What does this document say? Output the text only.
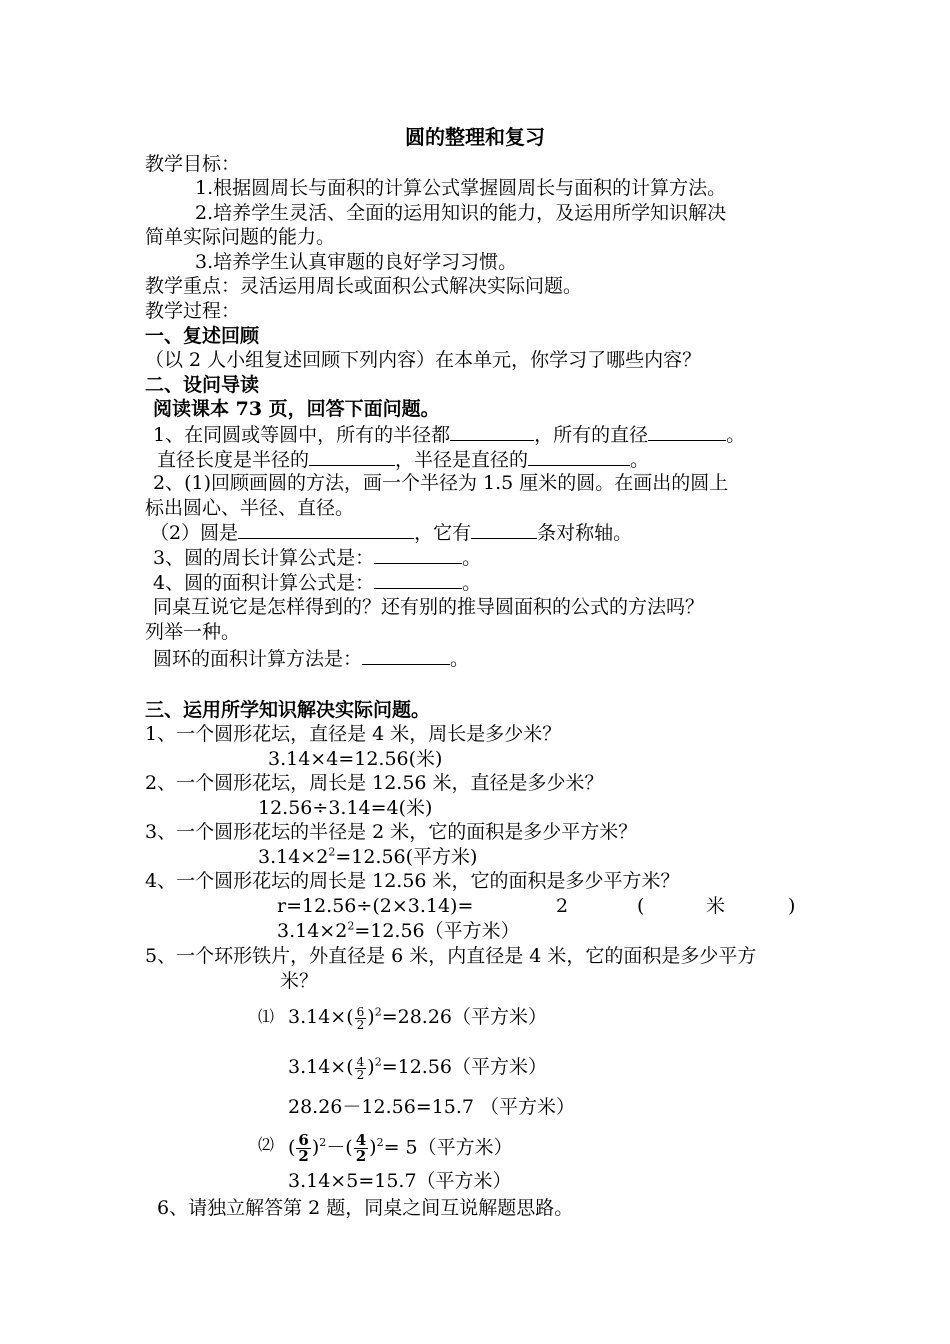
圆的整理和复习
教学目标：
1.根据圆周长与面积的计算公式掌握圆周长与面积的计算方法。
2.培养学生灵活、全面的运用知识的能力，及运用所学知识解决
简单实际问题的能力。
3.培养学生认真审题的良好学习习惯。
教学重点：灵活运用周长或面积公式解决实际问题。
教学过程：
一、复述回顾
（以 2 人小组复述回顾下列内容）在本单元，你学习了哪些内容？
二、设问导读
阅读课本 73 页，回答下面问题。
1、在同圆或等圆中，所有的半径都	，所有的直径	。
直径长度是半径的	，半径是直径的	。
2、(1)回顾画圆的方法，画一个半径为 1.5 厘米的圆。在画出的圆上
标出圆心、半径、直径。
（2）圆是	，它有	条对称轴。
3、圆的周长计算公式是：	。
4、圆的面积计算公式是：	。
同桌互说它是怎样得到的？还有别的推导圆面积的公式的方法吗？
列举一种。
圆环的面积计算方法是：	。
三、运用所学知识解决实际问题。
1、一个圆形花坛，直径是 4 米，周长是多少米？
3.14×4=12.56(米)
2、一个圆形花坛，周长是 12.56 米，直径是多少米？
12.56÷3.14=4(米)
3、一个圆形花坛的半径是 2 米，它的面积是多少平方米？
$3.14\times 2^2=12.56$(平方米)
4、一个圆形花坛的周长是 12.56 米，它的面积是多少平方米？
r=12.56÷(2×3.14)=	2	(	米	)
$3.14\times 2^2=12.56$（平方米）
5、一个环形铁片，外直径是 6 米，内直径是 4 米，它的面积是多少平方
米？
⑴ $3.14\times( \frac{6}{2} )^2=28.26$（平方米）
$3.14\times( \frac{4}{2} )^2=12.56$（平方米）
28.26－12.56=15.7 （平方米）
⑵ ( $\frac{6}{2} )^2-( \frac{4}{2} )^2= 5$（平方米）
3.14×5=15.7（平方米）
6、请独立解答第 2 题，同桌之间互说解题思路。
